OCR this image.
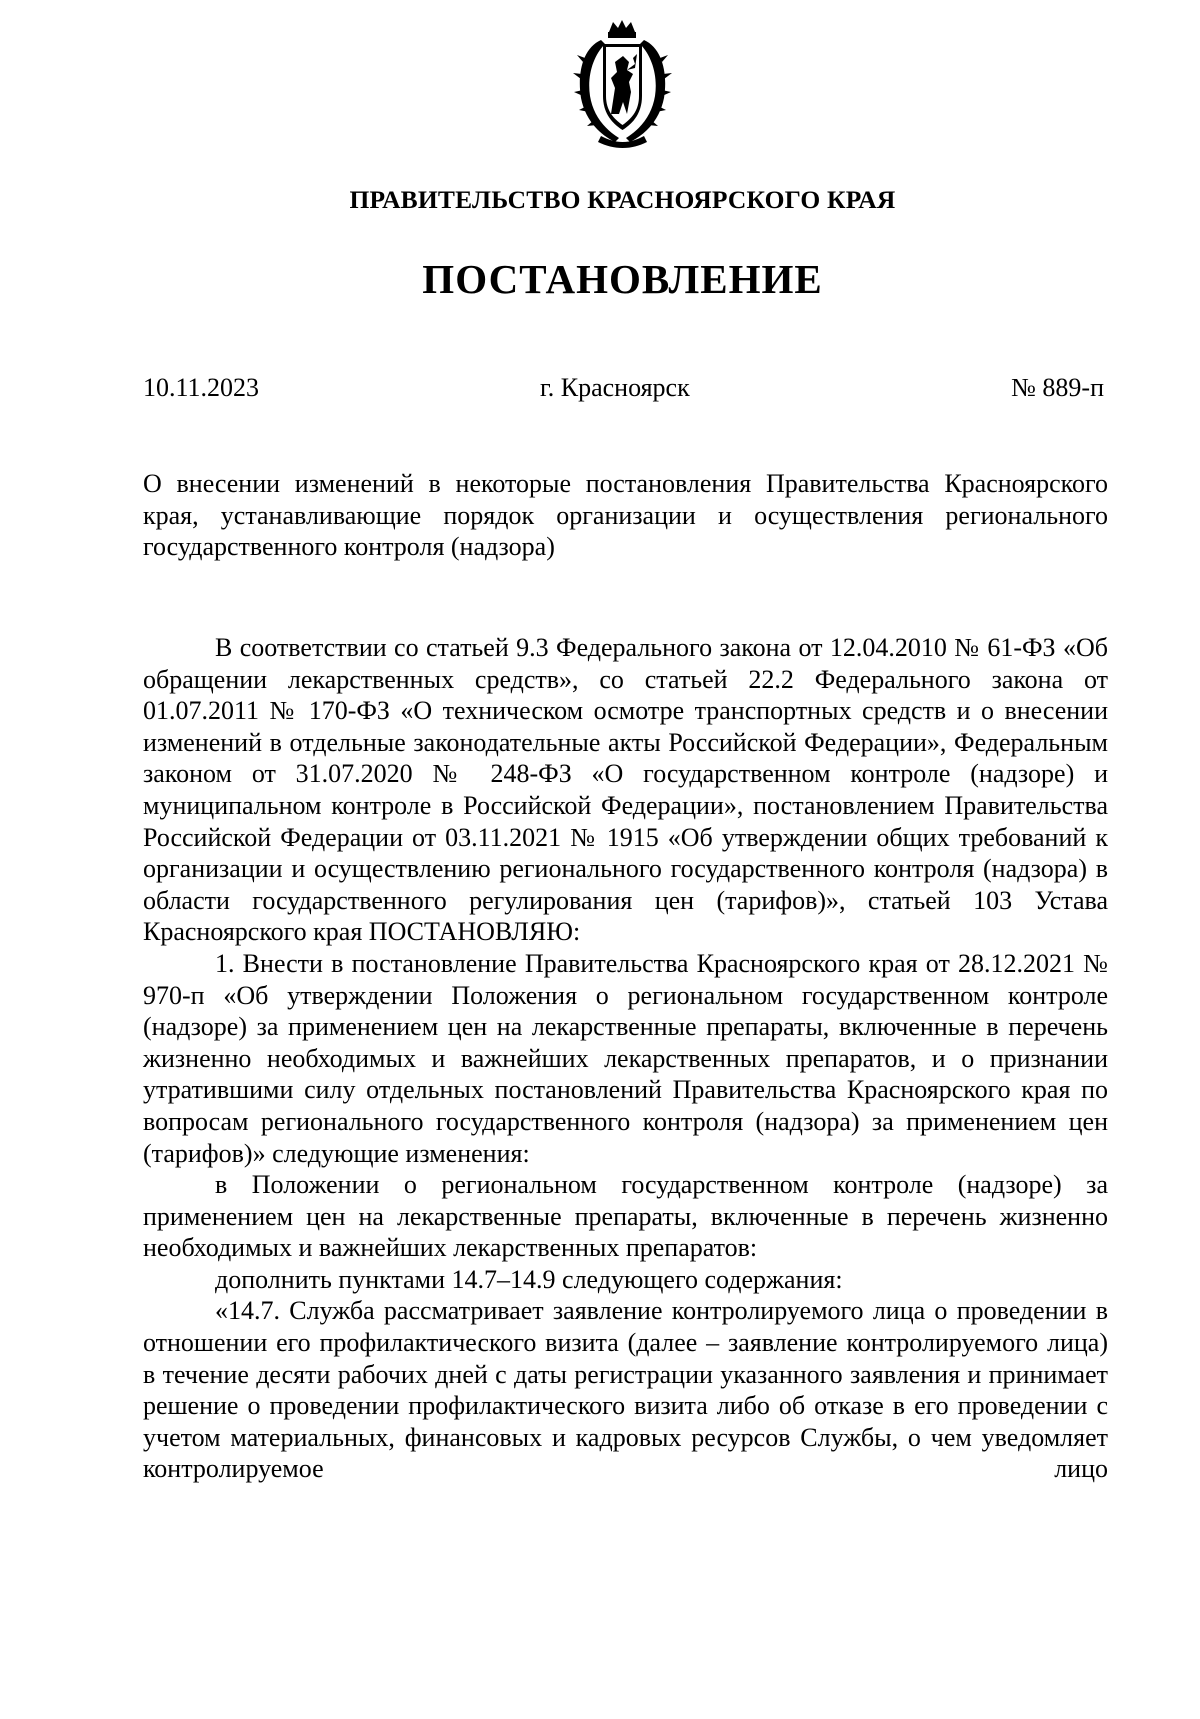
ПРАВИТЕЛЬСТВО КРАСНОЯРСКОГО КРАЯ
ПОСТАНОВЛЕНИЕ
10.11.2023	г. Красноярск	№ 889-п

О внесении изменений в некоторые постановления Правительства Красноярского края, устанавливающие порядок организации и осуществления регионального государственного контроля (надзора)

В соответствии со статьей 9.3 Федерального закона от 12.04.2010 № 61-ФЗ «Об обращении лекарственных средств», со статьей 22.2 Федерального закона от 01.07.2011 № 170-ФЗ «О техническом осмотре транспортных средств и о внесении изменений в отдельные законодательные акты Российской Федерации», Федеральным законом от 31.07.2020 № 248-ФЗ «О государственном контроле (надзоре) и муниципальном контроле в Российской Федерации», постановлением Правительства Российской Федерации от 03.11.2021 № 1915 «Об утверждении общих требований к организации и осуществлению регионального государственного контроля (надзора) в области государственного регулирования цен (тарифов)», статьей 103 Устава Красноярского края ПОСТАНОВЛЯЮ:

1. Внести в постановление Правительства Красноярского края от 28.12.2021 № 970-п «Об утверждении Положения о региональном государственном контроле (надзоре) за применением цен на лекарственные препараты, включенные в перечень жизненно необходимых и важнейших лекарственных препаратов, и о признании утратившими силу отдельных постановлений Правительства Красноярского края по вопросам регионального государственного контроля (надзора) за применением цен (тарифов)» следующие изменения:

в Положении о региональном государственном контроле (надзоре) за применением цен на лекарственные препараты, включенные в перечень жизненно необходимых и важнейших лекарственных препаратов:

дополнить пунктами 14.7–14.9 следующего содержания:

«14.7. Служба рассматривает заявление контролируемого лица о проведении в отношении его профилактического визита (далее – заявление контролируемого лица) в течение десяти рабочих дней с даты регистрации указанного заявления и принимает решение о проведении профилактического визита либо об отказе в его проведении с учетом материальных, финансовых и кадровых ресурсов Службы, о чем уведомляет контролируемое лицо
